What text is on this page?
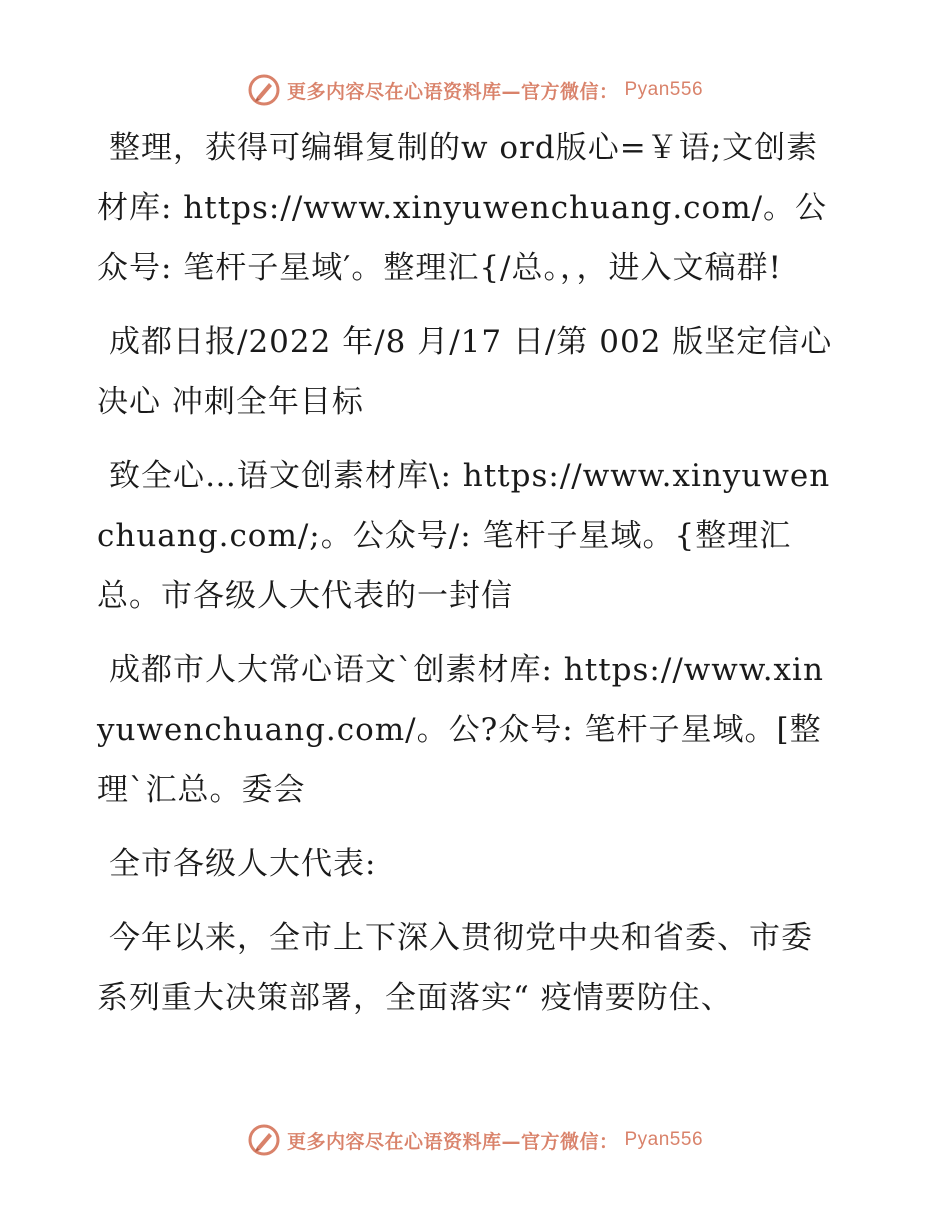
更多内容尽在心语资料库—官方微信： Pyan556

整理，获得可编辑复制的w ord版心=￥语;文创素材库: https://www.xinyuwenchuang.com/。公众号: 笔杆子星域′。整理汇{/总。，，进入文稿群!

成都日报/2022 年/8 月/17 日/第 002 版坚定信心决心 冲刺全年目标

致全心…语文创素材库\: https://www.xinyuwenchuang.com/;。公众号/: 笔杆子星域。{整理汇总。市各级人大代表的一封信

成都市人大常心语文`创素材库: https://www.xinyuwenchuang.com/。公?众号: 笔杆子星域。[整理`汇总。委会

全市各级人大代表:

今年以来，全市上下深入贯彻党中央和省委、市委系列重大决策部署，全面落实“ 疫情要防住、

更多内容尽在心语资料库—官方微信： Pyan556
